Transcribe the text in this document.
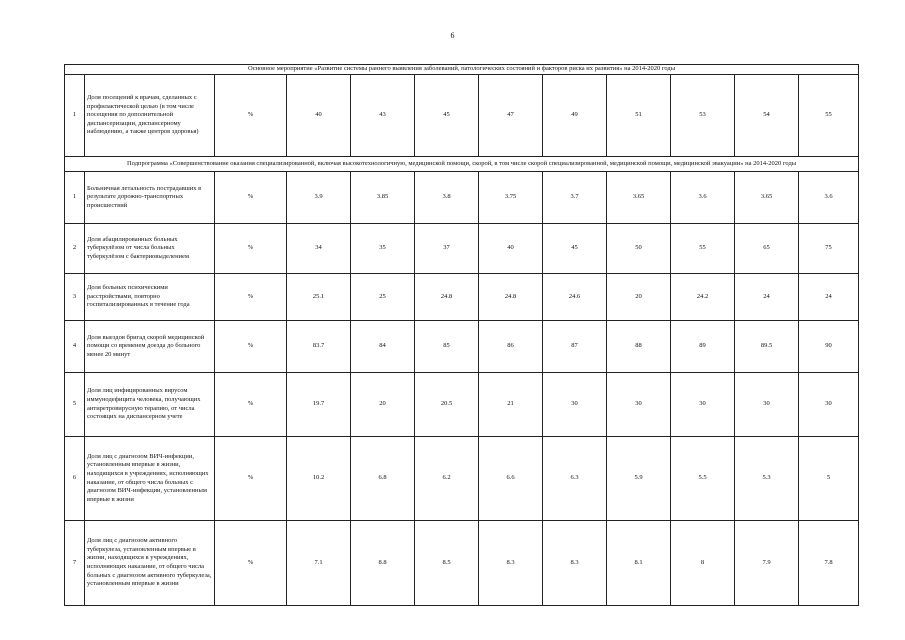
6
Основное мероприятие «Развитие системы раннего выявления заболеваний, патологических состояний и факторов риска их развития» на 2014-2020 годы											
1	Доля посещений к врачам, сделанных с профилактической целью (в том числе посещения по дополнительной диспансеризации, диспансерному наблюдению, а также центров здоровья)	%	40	43	45	47	49	51	53	54	55
Подпрограмма «Совершенствование оказания специализированной, включая высокотехнологичную, медицинской помощи, скорой, в том числе скорой специализированной, медицинской помощи, медицинской эвакуации» на 2014-2020 годы											
1	Больничная летальность пострадавших в результате дорожно-транспортных происшествий	%	3.9	3.85	3.8	3.75	3.7	3.65	3.6	3.65	3.6
2	Доля абацилированных больных туберкулёзом от числа больных туберкулёзом с бактериовыделением	%	34	35	37	40	45	50	55	65	75
3	Доля больных психическими расстройствами, повторно госпитализированных в течение года	%	25.1	25	24.8	24.8	24.6	20	24.2	24	24
4	Доля выездов бригад скорой медицинской помощи со временем доезда до больного менее 20 минут	%	83.7	84	85	86	87	88	89	89.5	90
5	Доля лиц инфицированных вирусом иммунодефицита человека, получающих антиретровирусную терапию, от числа состоящих на диспансерном учете	%	19.7	20	20.5	21	30	30	30	30	30
6	Доля лиц с диагнозом ВИЧ-инфекции, установленным впервые в жизни, находящихся в учреждениях, исполняющих наказание, от общего числа больных с диагнозом ВИЧ-инфекции, установленным впервые в жизни	%	10.2	6.8	6.2	6.6	6.3	5.9	5.5	5.3	5
7	Доля лиц с диагнозом активного туберкулеза, установленным впервые в жизни, находящихся в учреждениях, исполняющих наказание, от общего числа больных с диагнозом активного туберкулеза, установленным впервые в жизни	%	7.1	8.8	8.5	8.3	8.3	8.1	8	7.9	7.8
